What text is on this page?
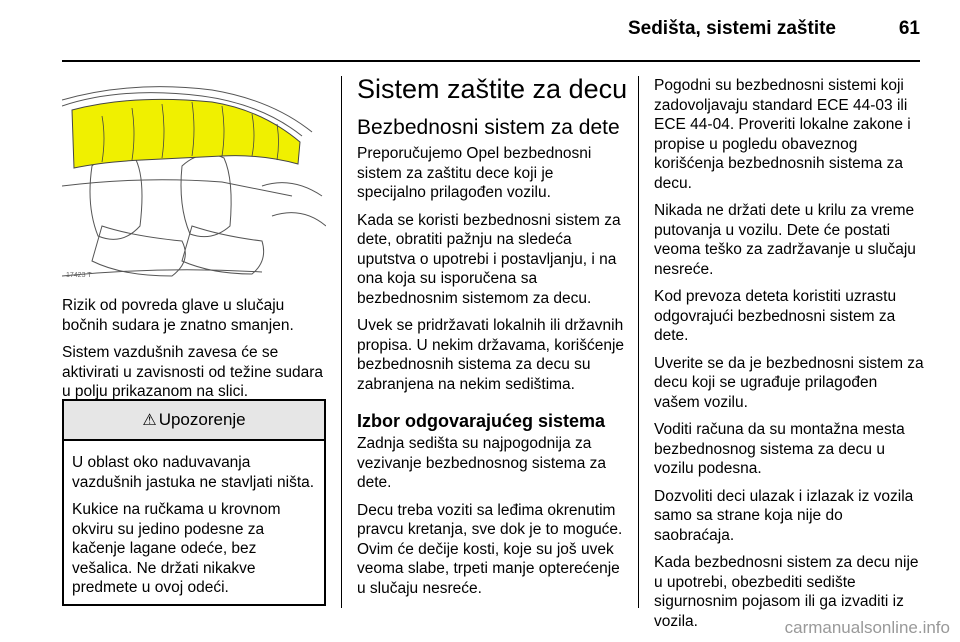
Sedišta, sistemi zaštite	61
17423 T

Rizik od povreda glave u slučaju bočnih sudara je znatno smanjen.

Sistem vazdušnih zavesa će se aktivirati u zavisnosti od težine sudara u polju prikazanom na slici.

⚠ Upozorenje

U oblast oko naduvavanja vazdušnih jastuka ne stavljati ništa.

Kukice na ručkama u krovnom okviru su jedino podesne za kačenje lagane odeće, bez vešalica. Ne držati nikakve predmete u ovoj odeći.

Sistem zaštite za decu
Bezbednosni sistem za dete

Preporučujemo Opel bezbednosni sistem za zaštitu dece koji je specijalno prilagođen vozilu.

Kada se koristi bezbednosni sistem za dete, obratiti pažnju na sledeća uputstva o upotrebi i postavljanju, i na ona koja su isporučena sa bezbednosnim sistemom za decu.

Uvek se pridržavati lokalnih ili državnih propisa. U nekim državama, korišćenje bezbednosnih sistema za decu su zabranjena na nekim sedištima.

Izbor odgovarajućeg sistema

Zadnja sedišta su najpogodnija za vezivanje bezbednosnog sistema za dete.

Decu treba voziti sa leđima okrenutim pravcu kretanja, sve dok je to moguće. Ovim će dečije kosti, koje su još uvek veoma slabe, trpeti manje opterećenje u slučaju nesreće.

Pogodni su bezbednosni sistemi koji zadovoljavaju standard ECE 44-03 ili ECE 44-04. Proveriti lokalne zakone i propise u pogledu obaveznog korišćenja bezbednosnih sistema za decu.

Nikada ne držati dete u krilu za vreme putovanja u vozilu. Dete će postati veoma teško za zadržavanje u slučaju nesreće.

Kod prevoza deteta koristiti uzrastu odgovrajući bezbednosni sistem za dete.

Uverite se da je bezbednosni sistem za decu koji se ugrađuje prilagođen vašem vozilu.

Voditi računa da su montažna mesta bezbednosnog sistema za decu u vozilu podesna.

Dozvoliti deci ulazak i izlazak iz vozila samo sa strane koja nije do saobraćaja.

Kada bezbednosni sistem za decu nije u upotrebi, obezbediti sedište sigurnosnim pojasom ili ga izvaditi iz vozila.	carmanualsonline.info
